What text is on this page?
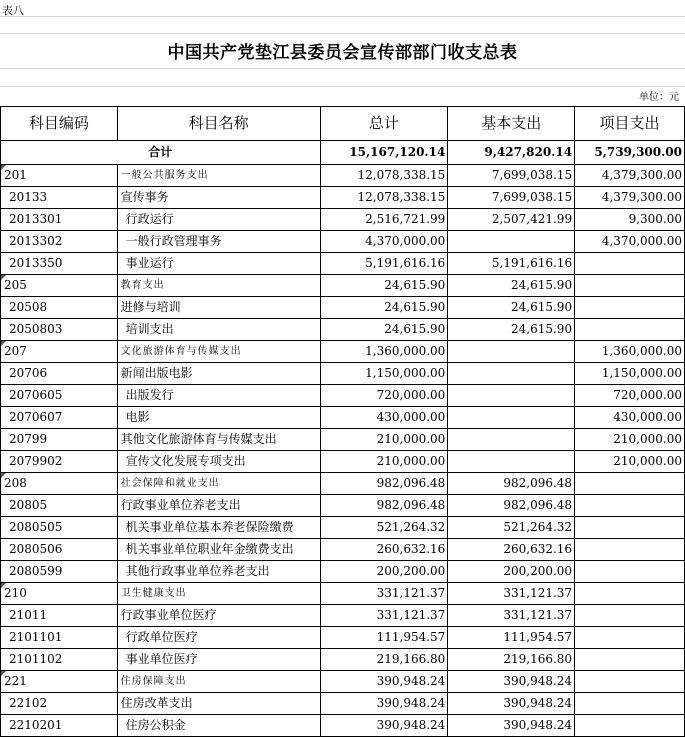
表八
中国共产党垫江县委员会宣传部部门收支总表
单位：元
科目编码	科目名称	总计	基本支出	项目支出
合计		15,167,120.14	9,427,820.14	5,739,300.00

201	一般公共服务支出	12,078,338.15	7,699,038.15	4,379,300.00
20133	宣传事务	12,078,338.15	7,699,038.15	4,379,300.00
2013301	行政运行	2,516,721.99	2,507,421.99	9,300.00
2013302	一般行政管理事务	4,370,000.00		4,370,000.00
2013350	事业运行	5,191,616.16	5,191,616.16	

205	教育支出	24,615.90	24,615.90	
20508	进修与培训	24,615.90	24,615.90	
2050803	培训支出	24,615.90	24,615.90	

207	文化旅游体育与传媒支出	1,360,000.00		1,360,000.00
20706	新闻出版电影	1,150,000.00		1,150,000.00
2070605	出版发行	720,000.00		720,000.00
2070607	电影	430,000.00		430,000.00
20799	其他文化旅游体育与传媒支出	210,000.00		210,000.00
2079902	宣传文化发展专项支出	210,000.00		210,000.00

208	社会保障和就业支出	982,096.48	982,096.48	
20805	行政事业单位养老支出	982,096.48	982,096.48	
2080505	机关事业单位基本养老保险缴费	521,264.32	521,264.32	
2080506	机关事业单位职业年金缴费支出	260,632.16	260,632.16	
2080599	其他行政事业单位养老支出	200,200.00	200,200.00	

210	卫生健康支出	331,121.37	331,121.37	
21011	行政事业单位医疗	331,121.37	331,121.37	
2101101	行政单位医疗	111,954.57	111,954.57	
2101102	事业单位医疗	219,166.80	219,166.80	

221	住房保障支出	390,948.24	390,948.24	
22102	住房改革支出	390,948.24	390,948.24	
2210201	住房公积金	390,948.24	390,948.24	
